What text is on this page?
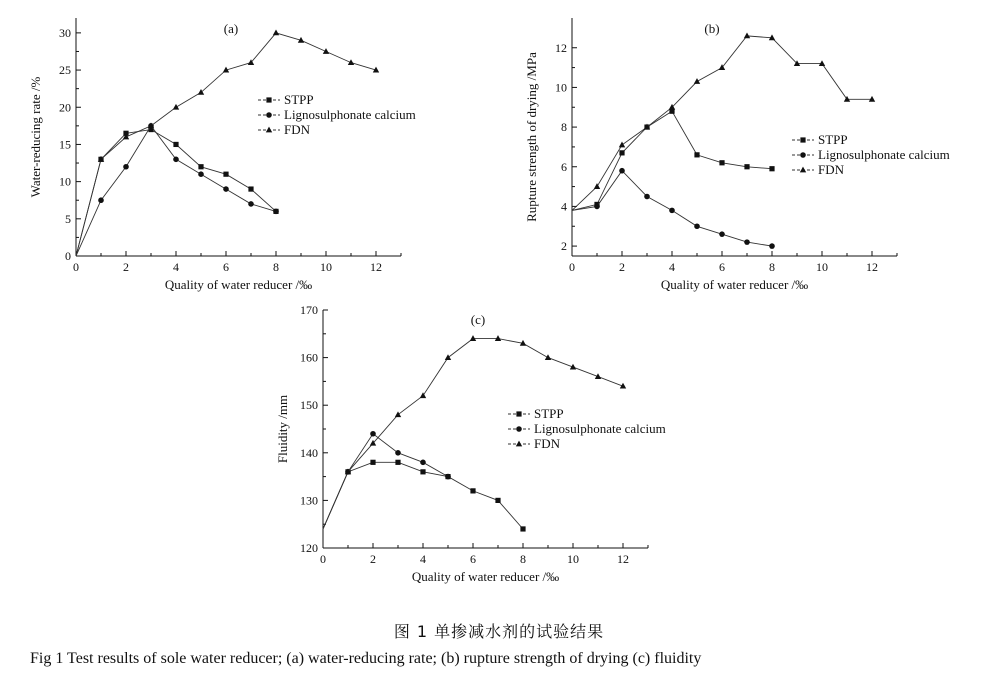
0	2	4	6	8	10	12
0
5
10
15
20
25
30
Quality of water reducer /‰
Water-reducing rate /%
(a)
STPP
Lignosulphonate calcium
FDN
0	2	4	6	8	10	12
2
4
6
8
10
12
Quality of water reducer /‰
Rupture strength of drying /MPa
(b)
STPP
Lignosulphonate calcium
FDN
0	2	4	6	8	10	12
120
130
140
150
160
170
Quality of water reducer /‰
Fluidity /mm
(c)
STPP
Lignosulphonate calcium
FDN
图 1 单掺减水剂的试验结果
Fig 1 Test results of sole water reducer; (a) water-reducing rate; (b) rupture strength of drying (c) fluidity
